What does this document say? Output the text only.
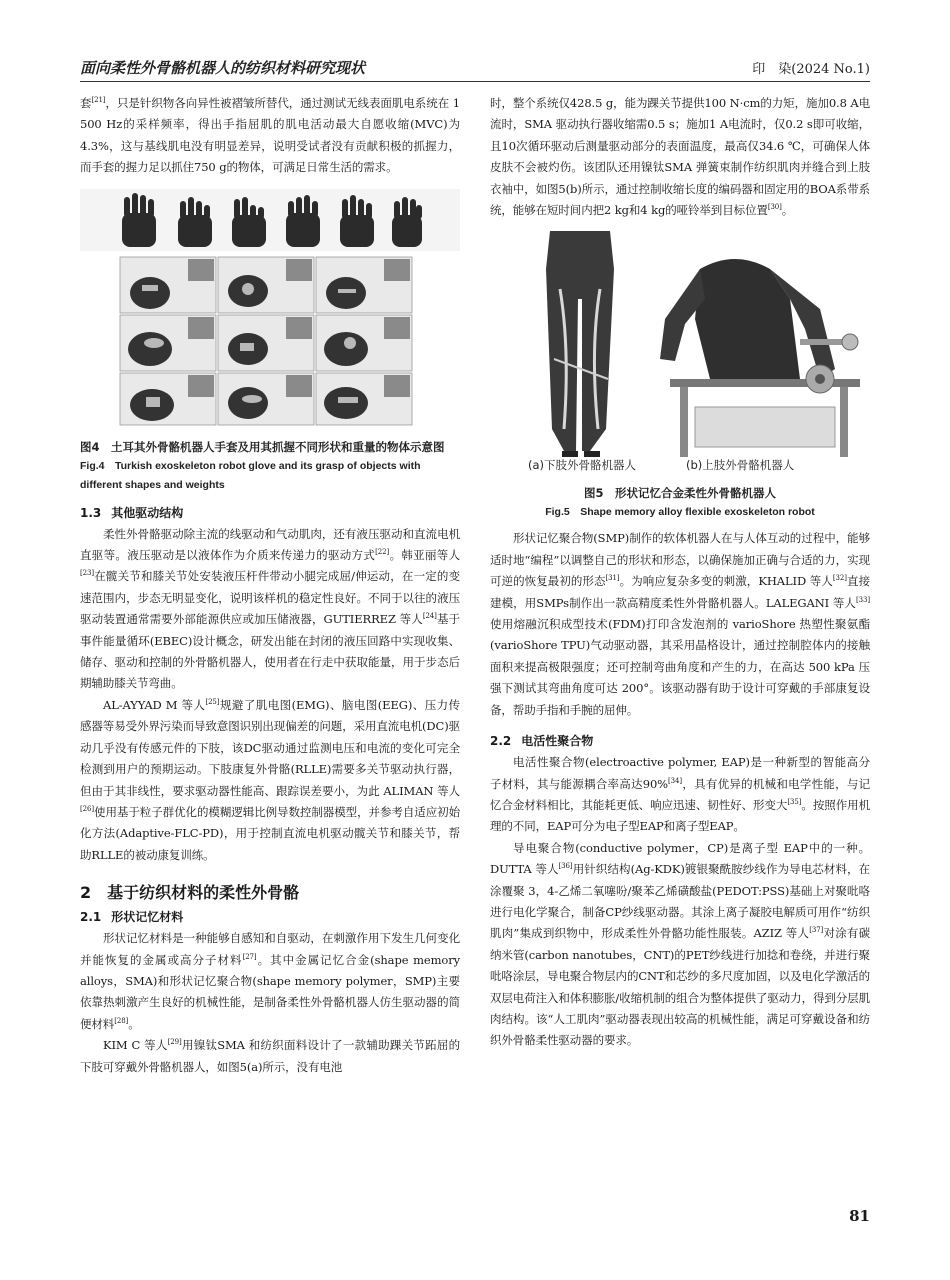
面向柔性外骨骼机器人的纺织材料研究现状	印　染(2024 No.1)

套[21]，只是针织物各向异性被褶皱所替代，通过测试无线表面肌电系统在 1 500 Hz的采样频率，得出手指屈肌的肌电活动最大自愿收缩(MVC)为4.3%，这与基线肌电没有明显差异，说明受试者没有贡献积极的抓握力，而手套的握力足以抓住750 g的物体，可满足日常生活的需求。

图4　土耳其外骨骼机器人手套及用其抓握不同形状和重量的物体示意图
Fig.4　Turkish exoskeleton robot glove and its grasp of objects with different shapes and weights
1.3 其他驱动结构

柔性外骨骼驱动除主流的线驱动和气动肌肉，还有液压驱动和直流电机直驱等。液压驱动是以液体作为介质来传递力的驱动方式[22]。韩亚丽等人[23]在髋关节和膝关节处安装液压杆件带动小腿完成屈/伸运动，在一定的变速范围内，步态无明显变化，说明该样机的稳定性良好。不同于以往的液压驱动装置通常需要外部能源供应或加压储液器，GUTIERREZ 等人[24]基于事件能量循环(EBEC)设计概念，研发出能在封闭的液压回路中实现收集、储存、驱动和控制的外骨骼机器人，使用者在行走中获取能量，用于步态后期辅助膝关节弯曲。

AL-AYYAD M 等人[25]规避了肌电图(EMG)、脑电图(EEG)、压力传感器等易受外界污染而导致意图识别出现偏差的问题，采用直流电机(DC)驱动几乎没有传感元件的下肢，该DC驱动通过监测电压和电流的变化可完全检测到用户的预期运动。下肢康复外骨骼(RLLE)需要多关节驱动执行器，但由于其非线性，要求驱动器性能高、跟踪误差要小，为此 ALIMAN 等人[26]使用基于粒子群优化的模糊逻辑比例导数控制器模型，并参考自适应初始化方法(Adaptive-FLC-PD)，用于控制直流电机驱动髋关节和膝关节，帮助RLLE的被动康复训练。

2 基于纺织材料的柔性外骨骼
2.1 形状记忆材料

形状记忆材料是一种能够自感知和自驱动，在刺激作用下发生几何变化并能恢复的金属或高分子材料[27]。其中金属记忆合金(shape memory alloys，SMA)和形状记忆聚合物(shape memory polymer，SMP)主要依靠热刺激产生良好的机械性能，是制备柔性外骨骼机器人仿生驱动器的简便材料[28]。

KIM C 等人[29]用镍钛SMA 和纺织面料设计了一款辅助踝关节跖屈的下肢可穿戴外骨骼机器人，如图5(a)所示，没有电池

时，整个系统仅428.5 g，能为踝关节提供100 N·cm的力矩，施加0.8 A电流时，SMA 驱动执行器收缩需0.5 s；施加1 A电流时，仅0.2 s即可收缩，且10次循环驱动后测量驱动部分的表面温度，最高仅34.6 ℃，可确保人体皮肤不会被灼伤。该团队还用镍钛SMA 弹簧束制作纺织肌肉并缝合到上肢衣袖中，如图5(b)所示，通过控制收缩长度的编码器和固定用的BOA系带系统，能够在短时间内把2 kg和4 kg的哑铃举到目标位置[30]。

(a)下肢外骨骼机器人	(b)上肢外骨骼机器人
图5　形状记忆合金柔性外骨骼机器人
Fig.5　Shape memory alloy flexible exoskeleton robot

形状记忆聚合物(SMP)制作的软体机器人在与人体互动的过程中，能够适时地“编程”以调整自己的形状和形态，以确保施加正确与合适的力，实现可逆的恢复最初的形态[31]。为响应复杂多变的刺激，KHALID 等人[32]直接建模，用SMPs制作出一款高精度柔性外骨骼机器人。LALEGANI 等人[33]使用熔融沉积成型技术(FDM)打印含发泡剂的 varioShore 热塑性聚氨酯(varioShore TPU)气动驱动器，其采用晶格设计，通过控制腔体内的接触面积来提高极限强度；还可控制弯曲角度和产生的力，在高达 500 kPa 压强下测试其弯曲角度可达 200°。该驱动器有助于设计可穿戴的手部康复设备，帮助手指和手腕的屈伸。

2.2 电活性聚合物

电活性聚合物(electroactive polymer, EAP)是一种新型的智能高分子材料，其与能源耦合率高达90%[34]，具有优异的机械和电学性能，与记忆合金材料相比，其能耗更低、响应迅速、韧性好、形变大[35]。按照作用机理的不同，EAP可分为电子型EAP和离子型EAP。

导电聚合物(conductive polymer，CP)是离子型 EAP中的一种。DUTTA 等人[36]用针织结构(Ag-KDK)镀银聚酰胺纱线作为导电芯材料，在涂覆聚 3，4-乙烯二氧噻吩/聚苯乙烯磺酸盐(PEDOT:PSS)基础上对聚吡咯进行电化学聚合，制备CP纱线驱动器。其涂上离子凝胶电解质可用作“纺织肌肉”集成到织物中，形成柔性外骨骼功能性服装。AZIZ 等人[37]对涂有碳纳米管(carbon nanotubes，CNT)的PET纱线进行加捻和卷绕，并进行聚吡咯涂层，导电聚合物层内的CNT和芯纱的多尺度加固，以及电化学激活的双层电荷注入和体积膨胀/收缩机制的组合为整体提供了驱动力，得到分层肌肉结构。该“人工肌肉”驱动器表现出较高的机械性能，满足可穿戴设备和纺织外骨骼柔性驱动器的要求。

81
